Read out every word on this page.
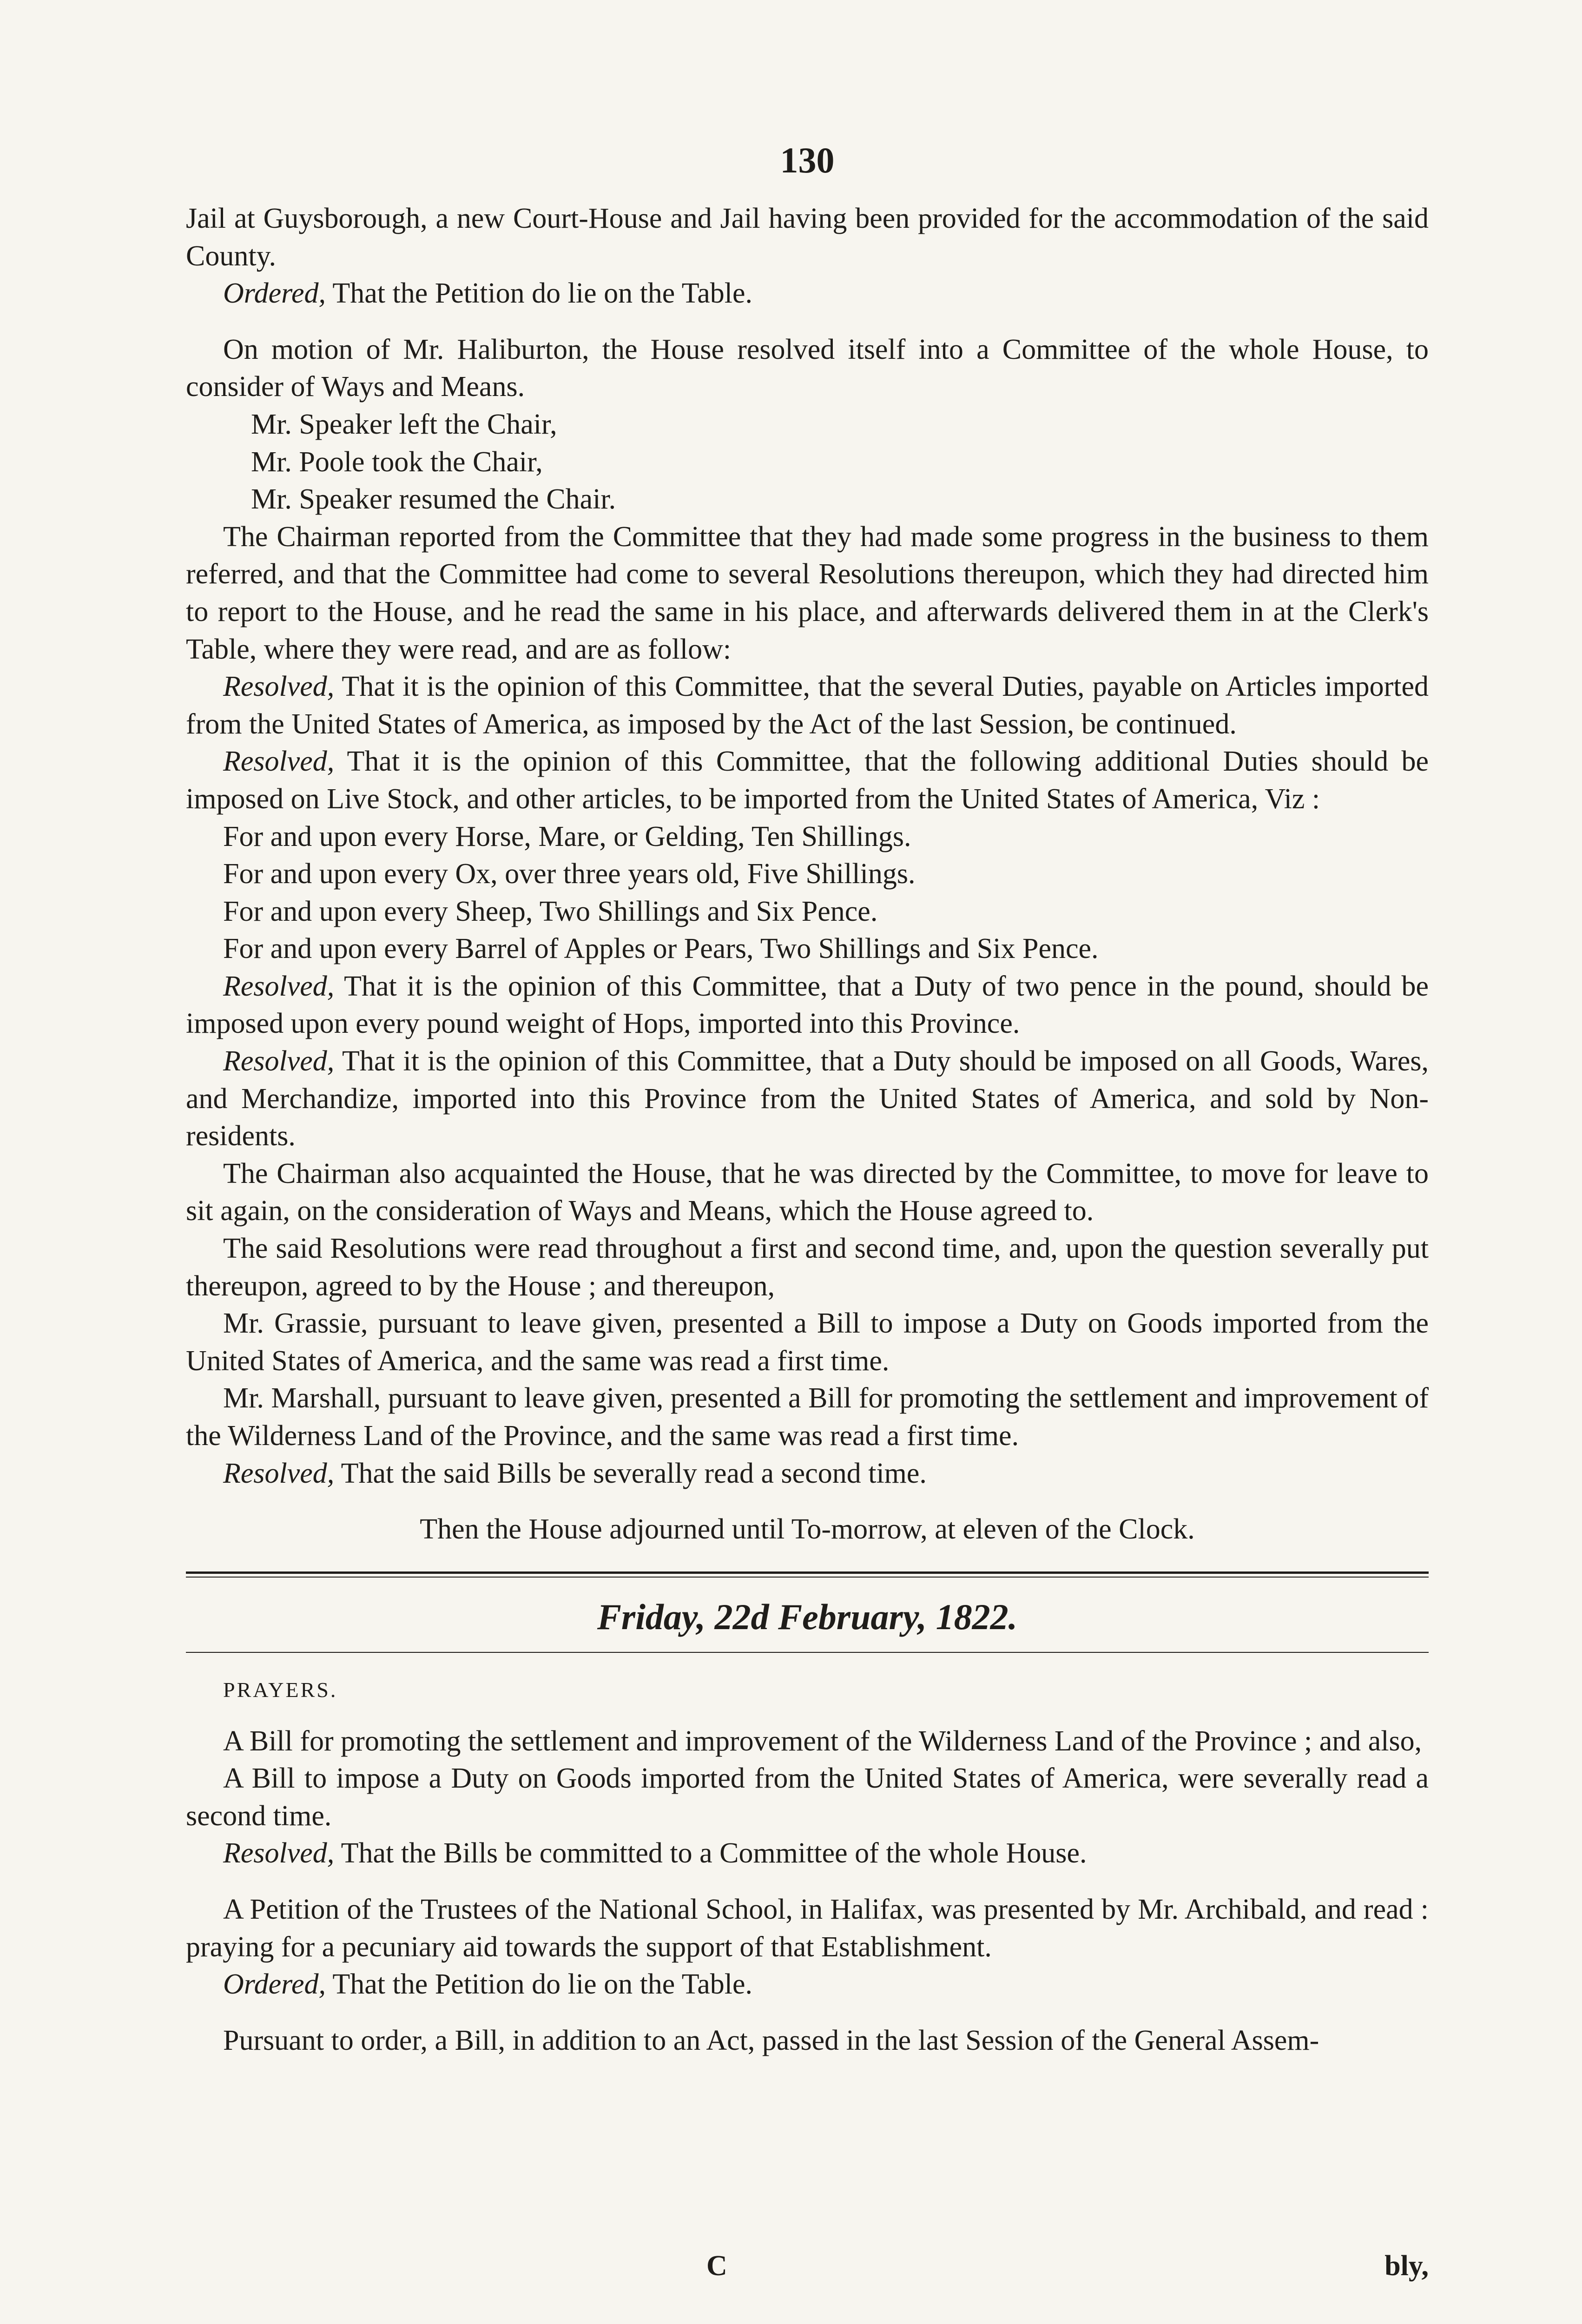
130

Jail at Guysborough, a new Court-House and Jail having been provided for the accommodation of the said County.

Ordered, That the Petition do lie on the Table.

On motion of Mr. Haliburton, the House resolved itself into a Committee of the whole House, to consider of Ways and Means.

Mr. Speaker left the Chair,

Mr. Poole took the Chair,

Mr. Speaker resumed the Chair.

The Chairman reported from the Committee that they had made some progress in the business to them referred, and that the Committee had come to several Resolutions thereupon, which they had directed him to report to the House, and he read the same in his place, and afterwards delivered them in at the Clerk's Table, where they were read, and are as follow:

Resolved, That it is the opinion of this Committee, that the several Duties, payable on Articles imported from the United States of America, as imposed by the Act of the last Session, be continued.

Resolved, That it is the opinion of this Committee, that the following additional Duties should be imposed on Live Stock, and other articles, to be imported from the United States of America, Viz :

For and upon every Horse, Mare, or Gelding, Ten Shillings.

For and upon every Ox, over three years old, Five Shillings.

For and upon every Sheep, Two Shillings and Six Pence.

For and upon every Barrel of Apples or Pears, Two Shillings and Six Pence.

Resolved, That it is the opinion of this Committee, that a Duty of two pence in the pound, should be imposed upon every pound weight of Hops, imported into this Province.

Resolved, That it is the opinion of this Committee, that a Duty should be imposed on all Goods, Wares, and Merchandize, imported into this Province from the United States of America, and sold by Non-residents.

The Chairman also acquainted the House, that he was directed by the Committee, to move for leave to sit again, on the consideration of Ways and Means, which the House agreed to.

The said Resolutions were read throughout a first and second time, and, upon the question severally put thereupon, agreed to by the House ; and thereupon,

Mr. Grassie, pursuant to leave given, presented a Bill to impose a Duty on Goods imported from the United States of America, and the same was read a first time.

Mr. Marshall, pursuant to leave given, presented a Bill for promoting the settlement and improvement of the Wilderness Land of the Province, and the same was read a first time.

Resolved, That the said Bills be severally read a second time.

Then the House adjourned until To-morrow, at eleven of the Clock.

Friday, 22d February, 1822.

PRAYERS.

A Bill for promoting the settlement and improvement of the Wilderness Land of the Province ; and also,

A Bill to impose a Duty on Goods imported from the United States of America, were severally read a second time.

Resolved, That the Bills be committed to a Committee of the whole House.

A Petition of the Trustees of the National School, in Halifax, was presented by Mr. Archibald, and read : praying for a pecuniary aid towards the support of that Establishment.

Ordered, That the Petition do lie on the Table.

Pursuant to order, a Bill, in addition to an Act, passed in the last Session of the General Assem-

C	bly,
